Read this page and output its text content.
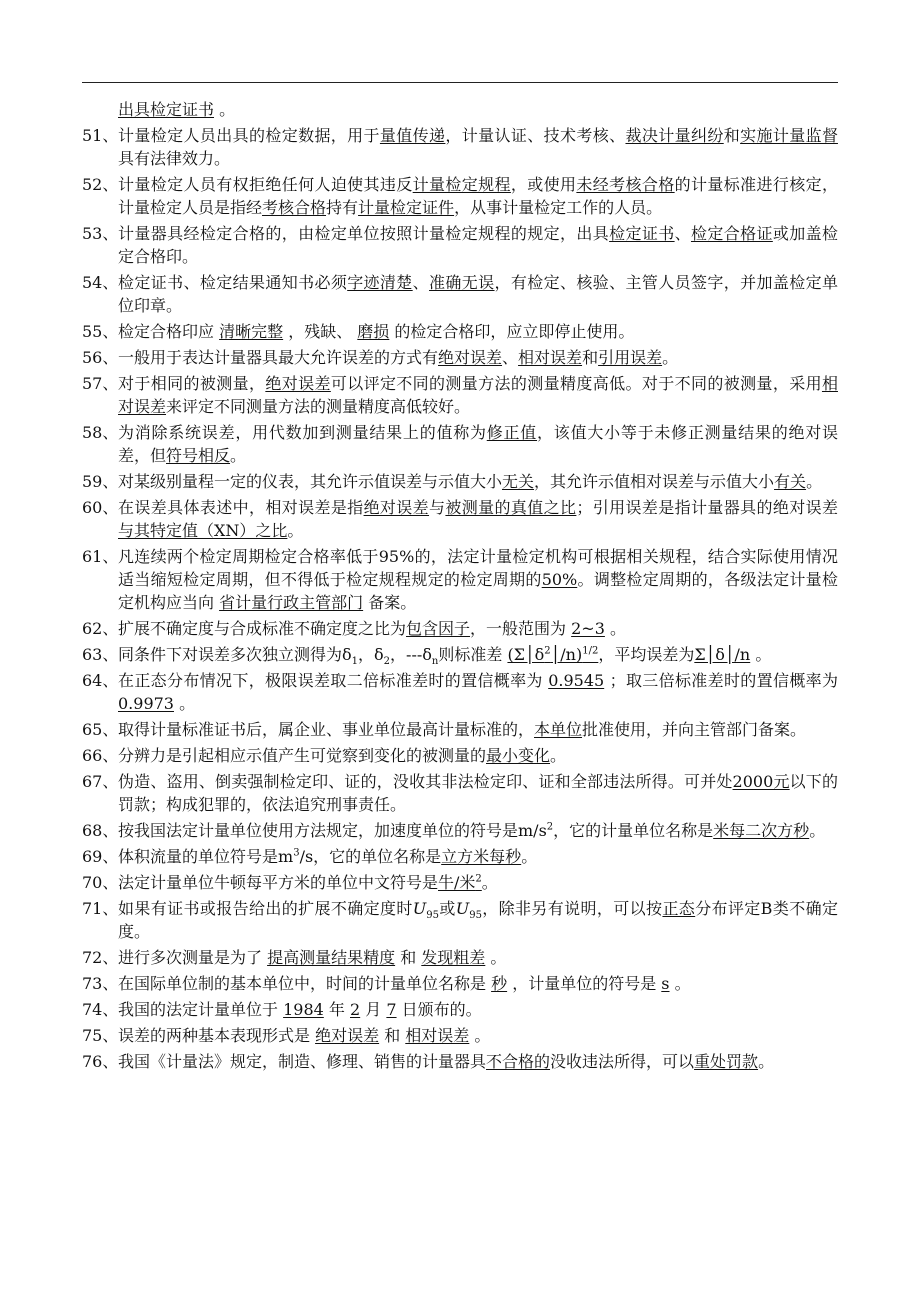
出具检定证书 。
51、 计量检定人员出具的检定数据，用于量值传递，计量认证、技术考核、裁决计量纠纷和实施计量监督具有法律效力。
52、 计量检定人员有权拒绝任何人迫使其违反计量检定规程，或使用未经考核合格的计量标准进行核定，计量检定人员是指经考核合格持有计量检定证件，从事计量检定工作的人员。
53、 计量器具经检定合格的，由检定单位按照计量检定规程的规定，出具检定证书、检定合格证或加盖检定合格印。
54、 检定证书、检定结果通知书必须字迹清楚、准确无误，有检定、核验、主管人员签字，并加盖检定单位印章。
55、 检定合格印应 清晰完整 ，残缺、 磨损 的检定合格印，应立即停止使用。
56、 一般用于表达计量器具最大允许误差的方式有绝对误差、相对误差和引用误差。
57、 对于相同的被测量，绝对误差可以评定不同的测量方法的测量精度高低。对于不同的被测量，采用相对误差来评定不同测量方法的测量精度高低较好。
58、 为消除系统误差，用代数加到测量结果上的值称为修正值，该值大小等于未修正测量结果的绝对误差，但符号相反。
59、 对某级别量程一定的仪表，其允许示值误差与示值大小无关，其允许示值相对误差与示值大小有关。
60、 在误差具体表述中，相对误差是指绝对误差与被测量的真值之比；引用误差是指计量器具的绝对误差与其特定值（XN）之比。
61、 凡连续两个检定周期检定合格率低于95%的，法定计量检定机构可根据相关规程，结合实际使用情况适当缩短检定周期，但不得低于检定规程规定的检定周期的50%。调整检定周期的，各级法定计量检定机构应当向 省计量行政主管部门 备案。
62、 扩展不确定度与合成标准不确定度之比为包含因子，一般范围为 2~3 。
63、 同条件下对误差多次独立测得为$\delta_1$，$\delta_2$，$---\delta_n$则标准差 $(\Sigma│\delta^2│/n)^{1/2}$，平均误差为Σ│δ│/n 。
64、 在正态分布情况下，极限误差取二倍标准差时的置信概率为 0.9545 ；取三倍标准差时的置信概率为 0.9973 。
65、 取得计量标准证书后，属企业、事业单位最高计量标准的，本单位批准使用，并向主管部门备案。
66、 分辨力是引起相应示值产生可觉察到变化的被测量的最小变化。
67、 伪造、盗用、倒卖强制检定印、证的，没收其非法检定印、证和全部违法所得。可并处2000元以下的罚款；构成犯罪的，依法追究刑事责任。
68、 按我国法定计量单位使用方法规定，加速度单位的符号是$m/s^2$，它的计量单位名称是米每二次方秒。
69、 体积流量的单位符号是$m^3/s$，它的单位名称是立方米每秒。
70、 法定计量单位牛顿每平方米的单位中文符号是牛/米$^2$。
71、 如果有证书或报告给出的扩展不确定度时$U_{95}$或$U_{95}$，除非另有说明，可以按正态分布评定B类不确定度。
72、 进行多次测量是为了 提高测量结果精度 和 发现粗差 。
73、 在国际单位制的基本单位中，时间的计量单位名称是 秒 ，计量单位的符号是 s 。
74、 我国的法定计量单位于 1984 年 2 月 7 日颁布的。
75、 误差的两种基本表现形式是 绝对误差 和 相对误差 。
76、 我国《计量法》规定，制造、修理、销售的计量器具不合格的没收违法所得，可以重处罚款。
